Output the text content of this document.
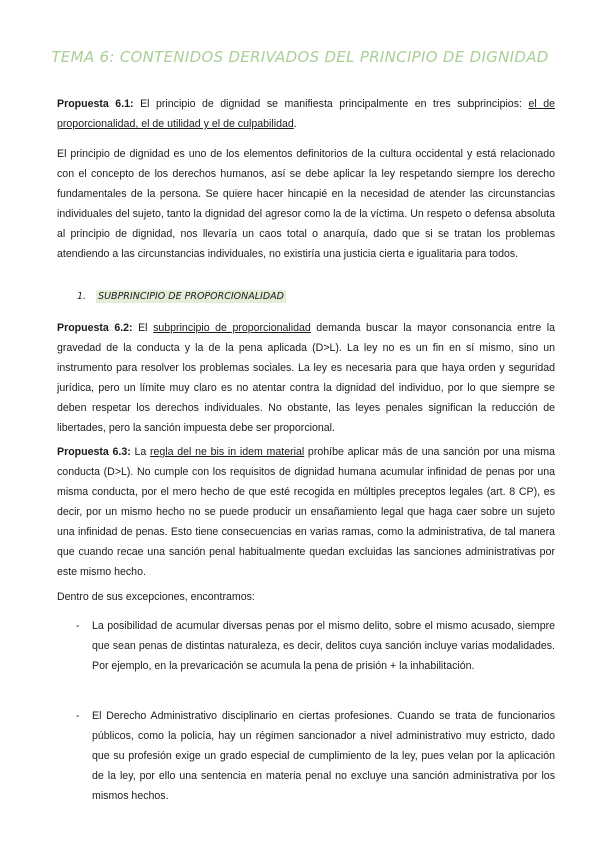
TEMA 6: CONTENIDOS DERIVADOS DEL PRINCIPIO DE DIGNIDAD

Propuesta 6.1: El principio de dignidad se manifiesta principalmente en tres subprincipios: el de proporcionalidad, el de utilidad y el de culpabilidad.

El principio de dignidad es uno de los elementos definitorios de la cultura occidental y está relacionado con el concepto de los derechos humanos, así se debe aplicar la ley respetando siempre los derecho fundamentales de la persona. Se quiere hacer hincapié en la necesidad de atender las circunstancias individuales del sujeto, tanto la dignidad del agresor como la de la víctima. Un respeto o defensa absoluta al principio de dignidad, nos llevaría un caos total o anarquía, dado que si se tratan los problemas atendiendo a las circunstancias individuales, no existiría una justicia cierta e igualitaria para todos.

1. SUBPRINCIPIO DE PROPORCIONALIDAD

Propuesta 6.2: El subprincipio de proporcionalidad demanda buscar la mayor consonancia entre la gravedad de la conducta y la de la pena aplicada (D>L). La ley no es un fin en sí mismo, sino un instrumento para resolver los problemas sociales. La ley es necesaria para que haya orden y seguridad jurídica, pero un límite muy claro es no atentar contra la dignidad del individuo, por lo que siempre se deben respetar los derechos individuales. No obstante, las leyes penales significan la reducción de libertades, pero la sanción impuesta debe ser proporcional.

Propuesta 6.3: La regla del ne bis in idem material prohíbe aplicar más de una sanción por una misma conducta (D>L). No cumple con los requisitos de dignidad humana acumular infinidad de penas por una misma conducta, por el mero hecho de que esté recogida en múltiples preceptos legales (art. 8 CP), es decir, por un mismo hecho no se puede producir un ensañamiento legal que haga caer sobre un sujeto una infinidad de penas. Esto tiene consecuencias en varias ramas, como la administrativa, de tal manera que cuando recae una sanción penal habitualmente quedan excluidas las sanciones administrativas por este mismo hecho.

Dentro de sus excepciones, encontramos:

- La posibilidad de acumular diversas penas por el mismo delito, sobre el mismo acusado, siempre que sean penas de distintas naturaleza, es decir, delitos cuya sanción incluye varias modalidades. Por ejemplo, en la prevaricación se acumula la pena de prisión + la inhabilitación.

- El Derecho Administrativo disciplinario en ciertas profesiones. Cuando se trata de funcionarios públicos, como la policía, hay un régimen sancionador a nivel administrativo muy estricto, dado que su profesión exige un grado especial de cumplimiento de la ley, pues velan por la aplicación de la ley, por ello una sentencia en materia penal no excluye una sanción administrativa por los mismos hechos.
